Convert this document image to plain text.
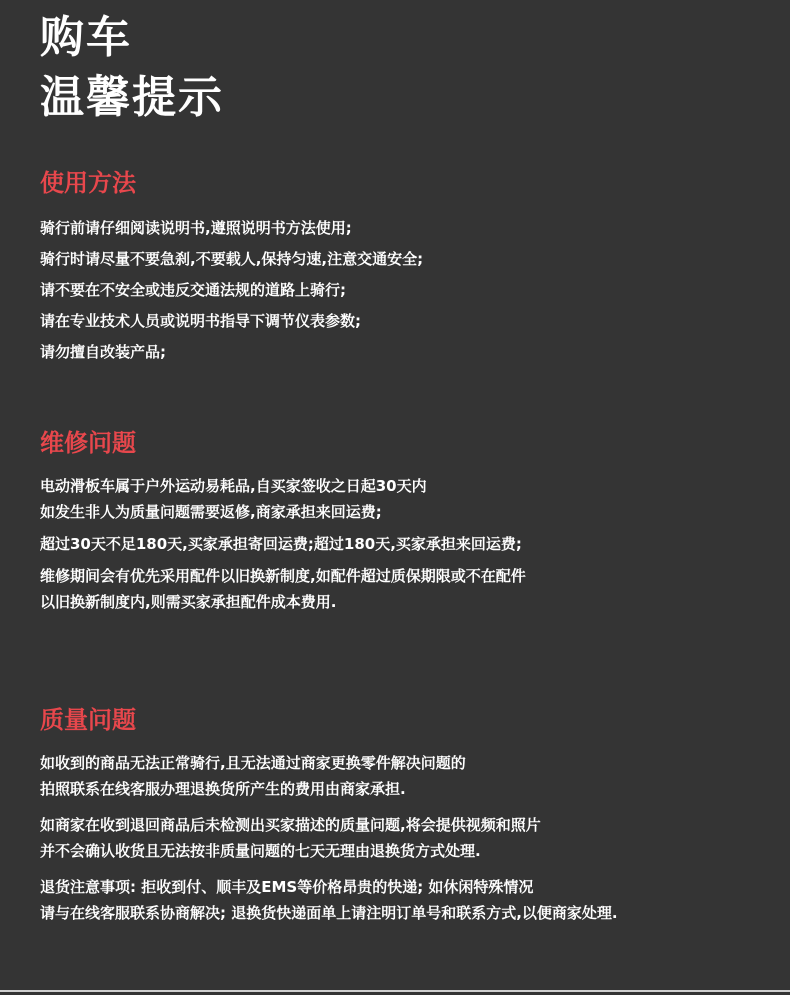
购车
温馨提示
使用方法
骑行前请仔细阅读说明书,遵照说明书方法使用;
骑行时请尽量不要急刹,不要载人,保持匀速,注意交通安全;
请不要在不安全或违反交通法规的道路上骑行;
请在专业技术人员或说明书指导下调节仪表参数;
请勿擅自改装产品;
维修问题
电动滑板车属于户外运动易耗品,自买家签收之日起30天内
如发生非人为质量问题需要返修,商家承担来回运费;
超过30天不足180天,买家承担寄回运费;超过180天,买家承担来回运费;
维修期间会有优先采用配件以旧换新制度,如配件超过质保期限或不在配件
以旧换新制度内,则需买家承担配件成本费用.
质量问题
如收到的商品无法正常骑行,且无法通过商家更换零件解决问题的
拍照联系在线客服办理退换货所产生的费用由商家承担.
如商家在收到退回商品后未检测出买家描述的质量问题,将会提供视频和照片
并不会确认收货且无法按非质量问题的七天无理由退换货方式处理.
退货注意事项: 拒收到付、顺丰及EMS等价格昂贵的快递; 如休闲特殊情况
请与在线客服联系协商解决; 退换货快递面单上请注明订单号和联系方式,以便商家处理.
